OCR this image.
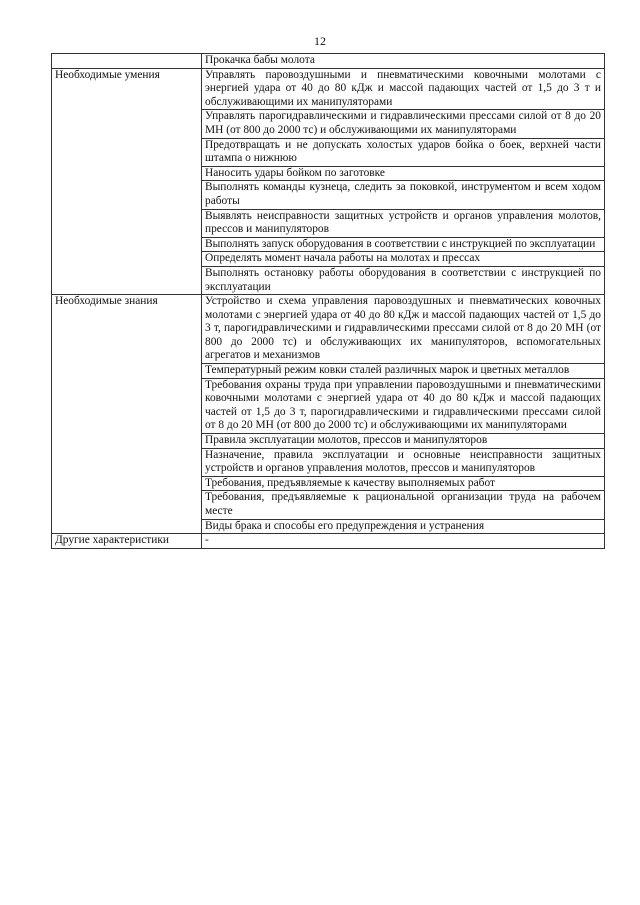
12
	Прокачка бабы молота
Необходимые умения	Управлять паровоздушными и пневматическими ковочными молотами с энергией удара от 40 до 80 кДж и массой падающих частей от 1,5 до 3 т и обслуживающими их манипуляторами
	Управлять парогидравлическими и гидравлическими прессами силой от 8 до 20 МН (от 800 до 2000 тс) и обслуживающими их манипуляторами
	Предотвращать и не допускать холостых ударов бойка о боек, верхней части штампа о нижнюю
	Наносить удары бойком по заготовке
	Выполнять команды кузнеца, следить за поковкой, инструментом и всем ходом работы
	Выявлять неисправности защитных устройств и органов управления молотов, прессов и манипуляторов
	Выполнять запуск оборудования в соответствии с инструкцией по эксплуатации
	Определять момент начала работы на молотах и прессах
	Выполнять остановку работы оборудования в соответствии с инструкцией по эксплуатации
Необходимые знания	Устройство и схема управления паровоздушных и пневматических ковочных молотами с энергией удара от 40 до 80 кДж и массой падающих частей от 1,5 до 3 т, парогидравлическими и гидравлическими прессами силой от 8 до 20 МН (от 800 до 2000 тс) и обслуживающих их манипуляторов, вспомогательных агрегатов и механизмов
	Температурный режим ковки сталей различных марок и цветных металлов
	Требования охраны труда при управлении паровоздушными и пневматическими ковочными молотами с энергией удара от 40 до 80 кДж и массой падающих частей от 1,5 до 3 т, парогидравлическими и гидравлическими прессами силой от 8 до 20 МН (от 800 до 2000 тс) и обслуживающими их манипуляторами
	Правила эксплуатации молотов, прессов и манипуляторов
	Назначение, правила эксплуатации и основные неисправности защитных устройств и органов управления молотов, прессов и манипуляторов
	Требования, предъявляемые к качеству выполняемых работ
	Требования, предъявляемые к рациональной организации труда на рабочем месте
	Виды брака и способы его предупреждения и устранения
Другие характеристики	-
